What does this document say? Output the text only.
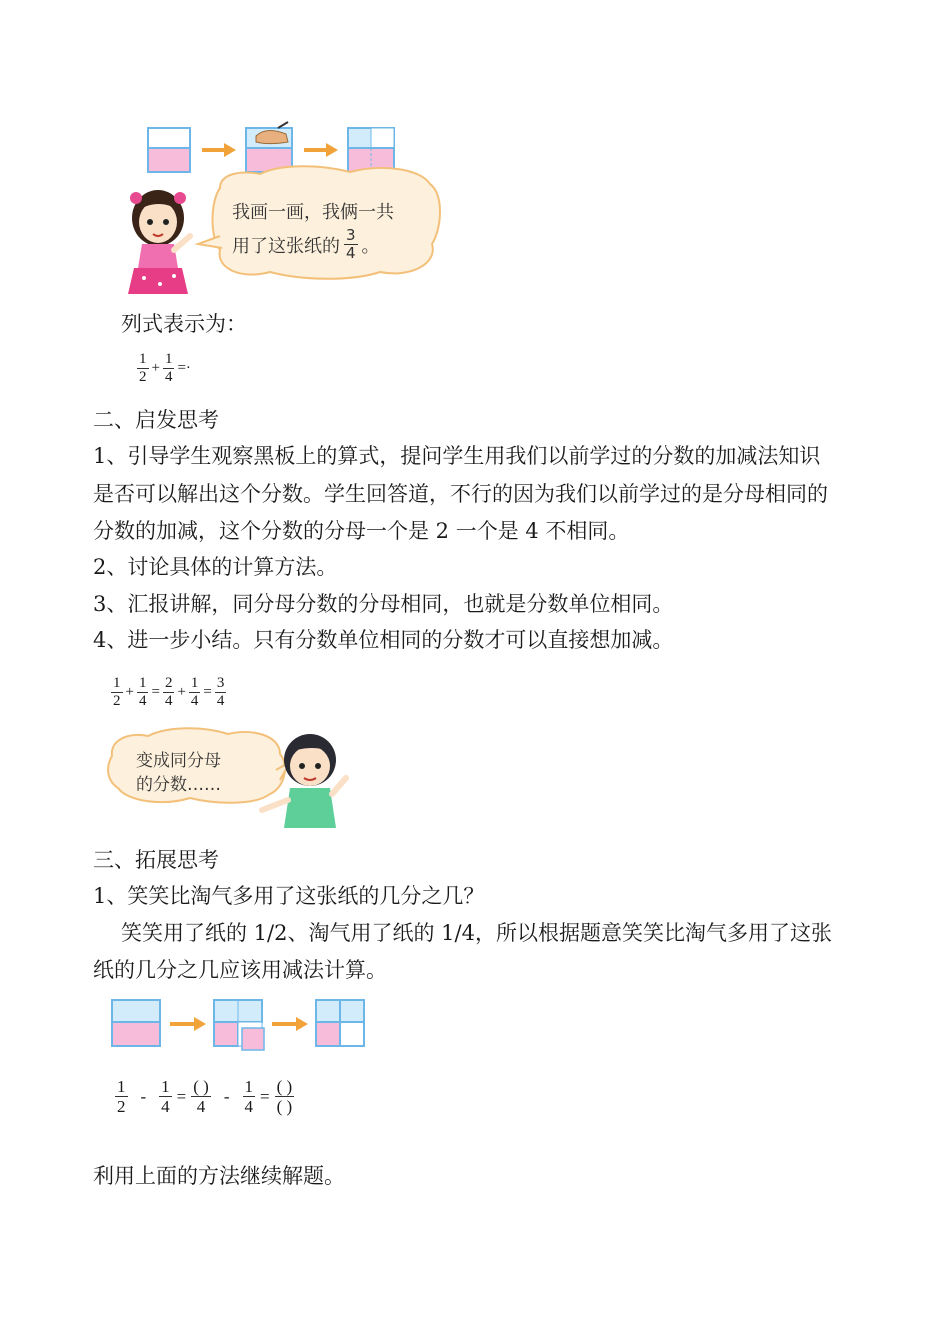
我画一画，我俩一共
用了这张纸的 $\frac{3}{4}$ 。
列式表示为：
$\frac{1}{2} + \frac{1}{4}$ =·
二、启发思考
1、引导学生观察黑板上的算式，提问学生用我们以前学过的分数的加减法知识
是否可以解出这个分数。学生回答道，不行的因为我们以前学过的是分母相同的
分数的加减，这个分数的分母一个是 2 一个是 4 不相同。
2、讨论具体的计算方法。
3、汇报讲解，同分母分数的分母相同，也就是分数单位相同。
4、进一步小结。只有分数单位相同的分数才可以直接想加减。
$\frac{1}{2} + \frac{1}{4} = \frac{2}{4} + \frac{1}{4} = \frac{3}{4}$
变成同分母
的分数……
三、拓展思考
1、笑笑比淘气多用了这张纸的几分之几？
笑笑用了纸的 1/2、淘气用了纸的 1/4，所以根据题意笑笑比淘气多用了这张
纸的几分之几应该用减法计算。
$\frac{1}{2} - \frac{1}{4} = \frac{( )}{4} - \frac{1}{4} = \frac{( )}{( )}$
利用上面的方法继续解题。
